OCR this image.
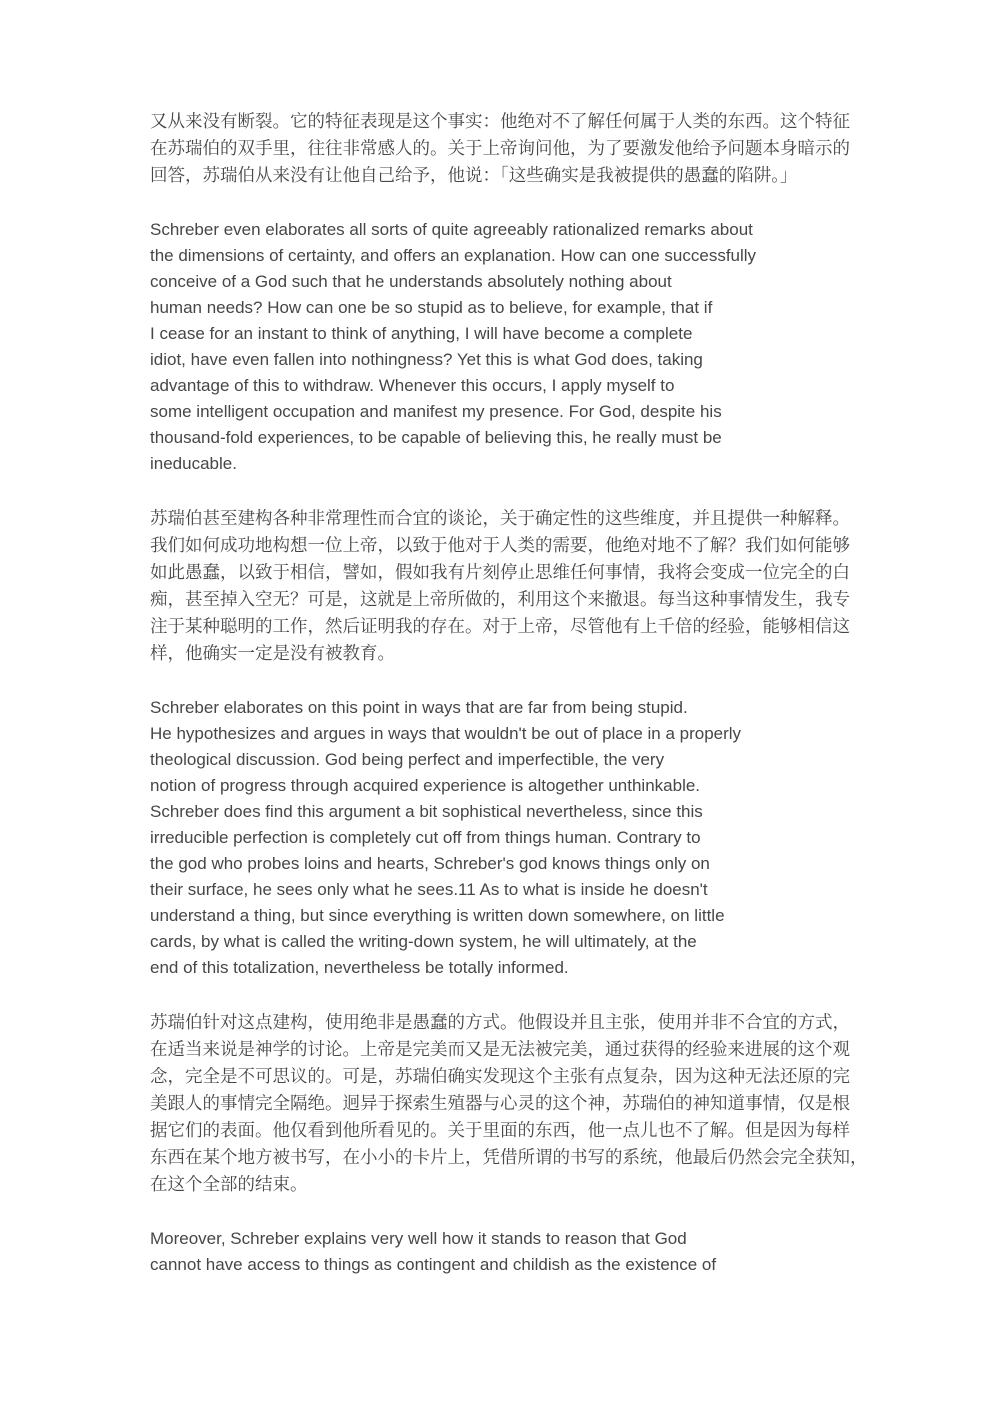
又从来没有断裂。它的特征表现是这个事实：他绝对不了解任何属于人类的东西。这个特征
在苏瑞伯的双手里，往往非常感人的。关于上帝询问他，为了要激发他给予问题本身暗示的
回答，苏瑞伯从来没有让他自己给予，他说：「这些确实是我被提供的愚蠢的陷阱。」

Schreber even elaborates all sorts of quite agreeably rationalized remarks about
the dimensions of certainty, and offers an explanation. How can one successfully
conceive of a God such that he understands absolutely nothing about
human needs? How can one be so stupid as to believe, for example, that if
I cease for an instant to think of anything, I will have become a complete
idiot, have even fallen into nothingness? Yet this is what God does, taking
advantage of this to withdraw. Whenever this occurs, I apply myself to
some intelligent occupation and manifest my presence. For God, despite his
thousand-fold experiences, to be capable of believing this, he really must be
ineducable.

苏瑞伯甚至建构各种非常理性而合宜的谈论，关于确定性的这些维度，并且提供一种解释。
我们如何成功地构想一位上帝，以致于他对于人类的需要，他绝对地不了解？我们如何能够
如此愚蠢，以致于相信，譬如，假如我有片刻停止思维任何事情，我将会变成一位完全的白
痴，甚至掉入空无？可是，这就是上帝所做的，利用这个来撤退。每当这种事情发生，我专
注于某种聪明的工作，然后证明我的存在。对于上帝，尽管他有上千倍的经验，能够相信这
样，他确实一定是没有被教育。

Schreber elaborates on this point in ways that are far from being stupid.
He hypothesizes and argues in ways that wouldn't be out of place in a properly
theological discussion. God being perfect and imperfectible, the very
notion of progress through acquired experience is altogether unthinkable.
Schreber does find this argument a bit sophistical nevertheless, since this
irreducible perfection is completely cut off from things human. Contrary to
the god who probes loins and hearts, Schreber's god knows things only on
their surface, he sees only what he sees.11 As to what is inside he doesn't
understand a thing, but since everything is written down somewhere, on little
cards, by what is called the writing-down system, he will ultimately, at the
end of this totalization, nevertheless be totally informed.

苏瑞伯针对这点建构，使用绝非是愚蠢的方式。他假设并且主张，使用并非不合宜的方式，
在适当来说是神学的讨论。上帝是完美而又是无法被完美，通过获得的经验来进展的这个观
念，完全是不可思议的。可是，苏瑞伯确实发现这个主张有点复杂，因为这种无法还原的完
美跟人的事情完全隔绝。迥异于探索生殖器与心灵的这个神，苏瑞伯的神知道事情，仅是根
据它们的表面。他仅看到他所看见的。关于里面的东西，他一点儿也不了解。但是因为每样
东西在某个地方被书写，在小小的卡片上，凭借所谓的书写的系统，他最后仍然会完全获知，
在这个全部的结束。

Moreover, Schreber explains very well how it stands to reason that God
cannot have access to things as contingent and childish as the existence of
